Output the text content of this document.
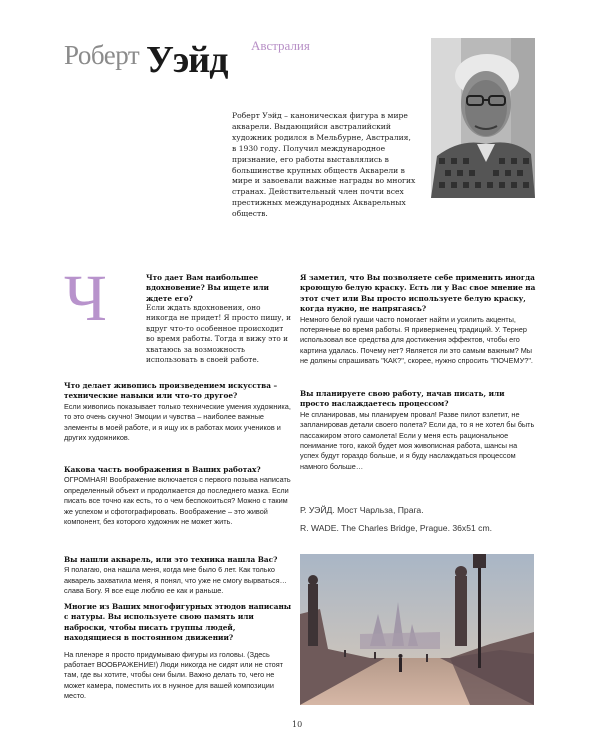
Роберт Уэйд Австралия
Роберт Уэйд – каноническая фигура в мире акварели. Выдающийся австралийский художник родился в Мельбурне, Австралия, в 1930 году. Получил международное признание, его работы выставлялись в большинстве крупных обществ Акварели в мире и завоевали важные награды во многих странах. Действительный член почти всех престижных международных Акварельных обществ.
Ч	Что дает Вам наибольшее вдохновение? Вы ищете или ждете его?

Если ждать вдохновения, оно никогда не придет! Я просто пишу, и вдруг что-то особенное происходит во время работы. Тогда я вижу это и хватаюсь за возможность использовать в своей работе.

Что делает живопись произведением искусства – технические навыки или что-то другое?

Если живопись показывает только технические умения художника, то это очень скучно! Эмоции и чувства – наиболее важные элементы в моей работе, и я ищу их в работах моих учеников и других художников.

Какова часть воображения в Ваших работах?

ОГРОМНАЯ! Воображение включается с первого позыва написать определенный объект и продолжается до последнего мазка. Если писать все точно как есть, то о чем беспокоиться? Можно с таким же успехом и сфотографировать. Воображение – это живой компонент, без которого художник не может жить.

Вы нашли акварель, или это техника нашла Вас?

Я полагаю, она нашла меня, когда мне было 6 лет. Как только акварель захватила меня, я понял, что уже не смогу вырваться… слава Богу. Я все еще люблю ее как и раньше.

Многие из Ваших многофигурных этюдов написаны с натуры. Вы используете свою память или наброски, чтобы писать группы людей, находящиеся в постоянном движении?

На пленэре я просто придумываю фигуры из головы. (Здесь работает ВООБРАЖЕНИЕ!) Люди никогда не сидят или не стоят там, где вы хотите, чтобы они были. Важно делать то, чего не может камера, поместить их в нужное для вашей композиции место.

Я заметил, что Вы позволяете себе применить иногда кроющую белую краску. Есть ли у Вас свое мнение на этот счет или Вы просто используете белую краску, когда нужно, не напрягаясь?

Немного белой гуаши часто помогает найти и усилить акценты, потерянные во время работы. Я приверженец традиций. У. Тернер использовал все средства для достижения эффектов, чтобы его картина удалась. Почему нет? Является ли это самым важным? Мы не должны спрашивать "КАК?", скорее, нужно спросить "ПОЧЕМУ?".

Вы планируете свою работу, начав писать, или просто наслаждаетесь процессом?

Не спланировав, мы планируем провал! Разве пилот взлетит, не запланировав детали своего полета? Если да, то я не хотел бы быть пассажиром этого самолета! Если у меня есть рациональное понимание того, какой будет моя живописная работа, шансы на успех будут гораздо больше, и я буду наслаждаться процессом намного больше…

Р. УЭЙД. Мост Чарльза, Прага.
R. WADE. The Charles Bridge, Prague. 36x51 cm.
10
